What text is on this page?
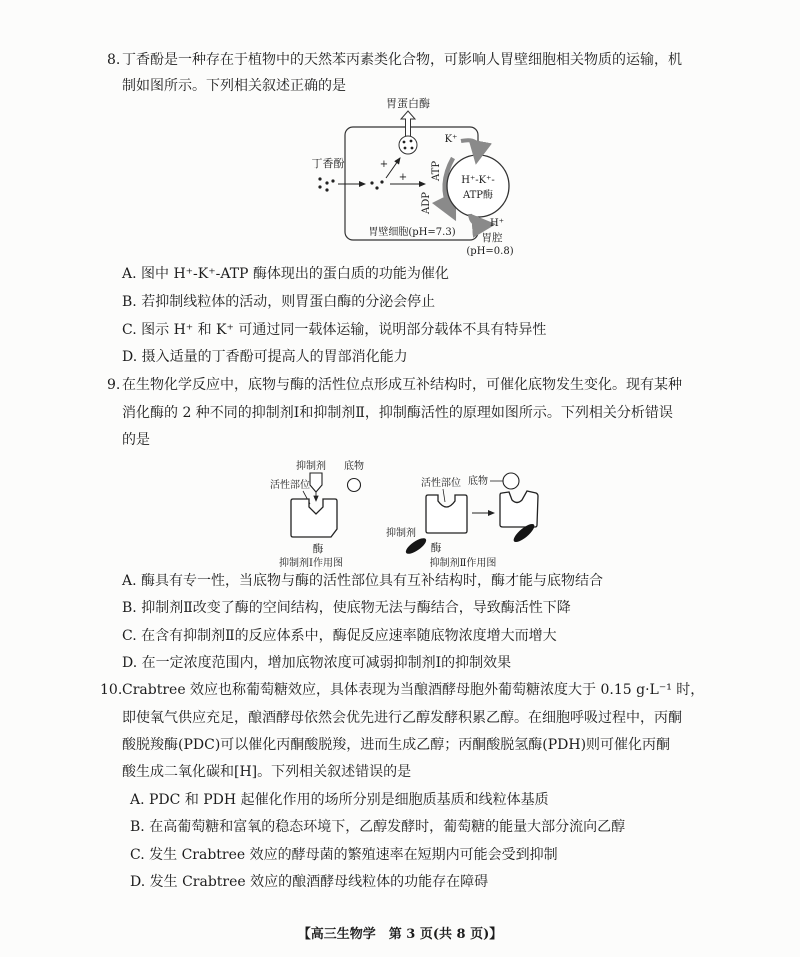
8. 丁香酚是一种存在于植物中的天然苯丙素类化合物，可影响人胃壁细胞相关物质的运输，机
制如图所示。下列相关叙述正确的是
胃蛋白酶
丁香酚	+
+ ATP
ADP
H⁺-K⁺-
ATP酶
K⁺
H⁺
胃壁细胞(pH=7.3) 胃腔
(pH=0.8)
A. 图中 H⁺-K⁺-ATP 酶体现出的蛋白质的功能为催化
B. 若抑制线粒体的活动，则胃蛋白酶的分泌会停止
C. 图示 H⁺ 和 K⁺ 可通过同一载体运输，说明部分载体不具有特异性
D. 摄入适量的丁香酚可提高人的胃部消化能力
9. 在生物化学反应中，底物与酶的活性位点形成互补结构时，可催化底物发生变化。现有某种
消化酶的 2 种不同的抑制剂Ⅰ和抑制剂Ⅱ，抑制酶活性的原理如图所示。下列相关分析错误
的是
抑制剂 底物
活性部位
酶
抑制剂Ⅰ作用图
活性部位 底物
抑制剂
酶
抑制剂Ⅱ作用图
A. 酶具有专一性，当底物与酶的活性部位具有互补结构时，酶才能与底物结合
B. 抑制剂Ⅱ改变了酶的空间结构，使底物无法与酶结合，导致酶活性下降
C. 在含有抑制剂Ⅱ的反应体系中，酶促反应速率随底物浓度增大而增大
D. 在一定浓度范围内，增加底物浓度可减弱抑制剂Ⅰ的抑制效果
10. Crabtree 效应也称葡萄糖效应，具体表现为当酿酒酵母胞外葡萄糖浓度大于 0.15 g·L⁻¹ 时，
即使氧气供应充足，酿酒酵母依然会优先进行乙醇发酵积累乙醇。在细胞呼吸过程中，丙酮
酸脱羧酶(PDC)可以催化丙酮酸脱羧，进而生成乙醇；丙酮酸脱氢酶(PDH)则可催化丙酮
酸生成二氧化碳和[H]。下列相关叙述错误的是
A. PDC 和 PDH 起催化作用的场所分别是细胞质基质和线粒体基质
B. 在高葡萄糖和富氧的稳态环境下，乙醇发酵时，葡萄糖的能量大部分流向乙醇
C. 发生 Crabtree 效应的酵母菌的繁殖速率在短期内可能会受到抑制
D. 发生 Crabtree 效应的酿酒酵母线粒体的功能存在障碍
【高三生物学　第 3 页(共 8 页)】
